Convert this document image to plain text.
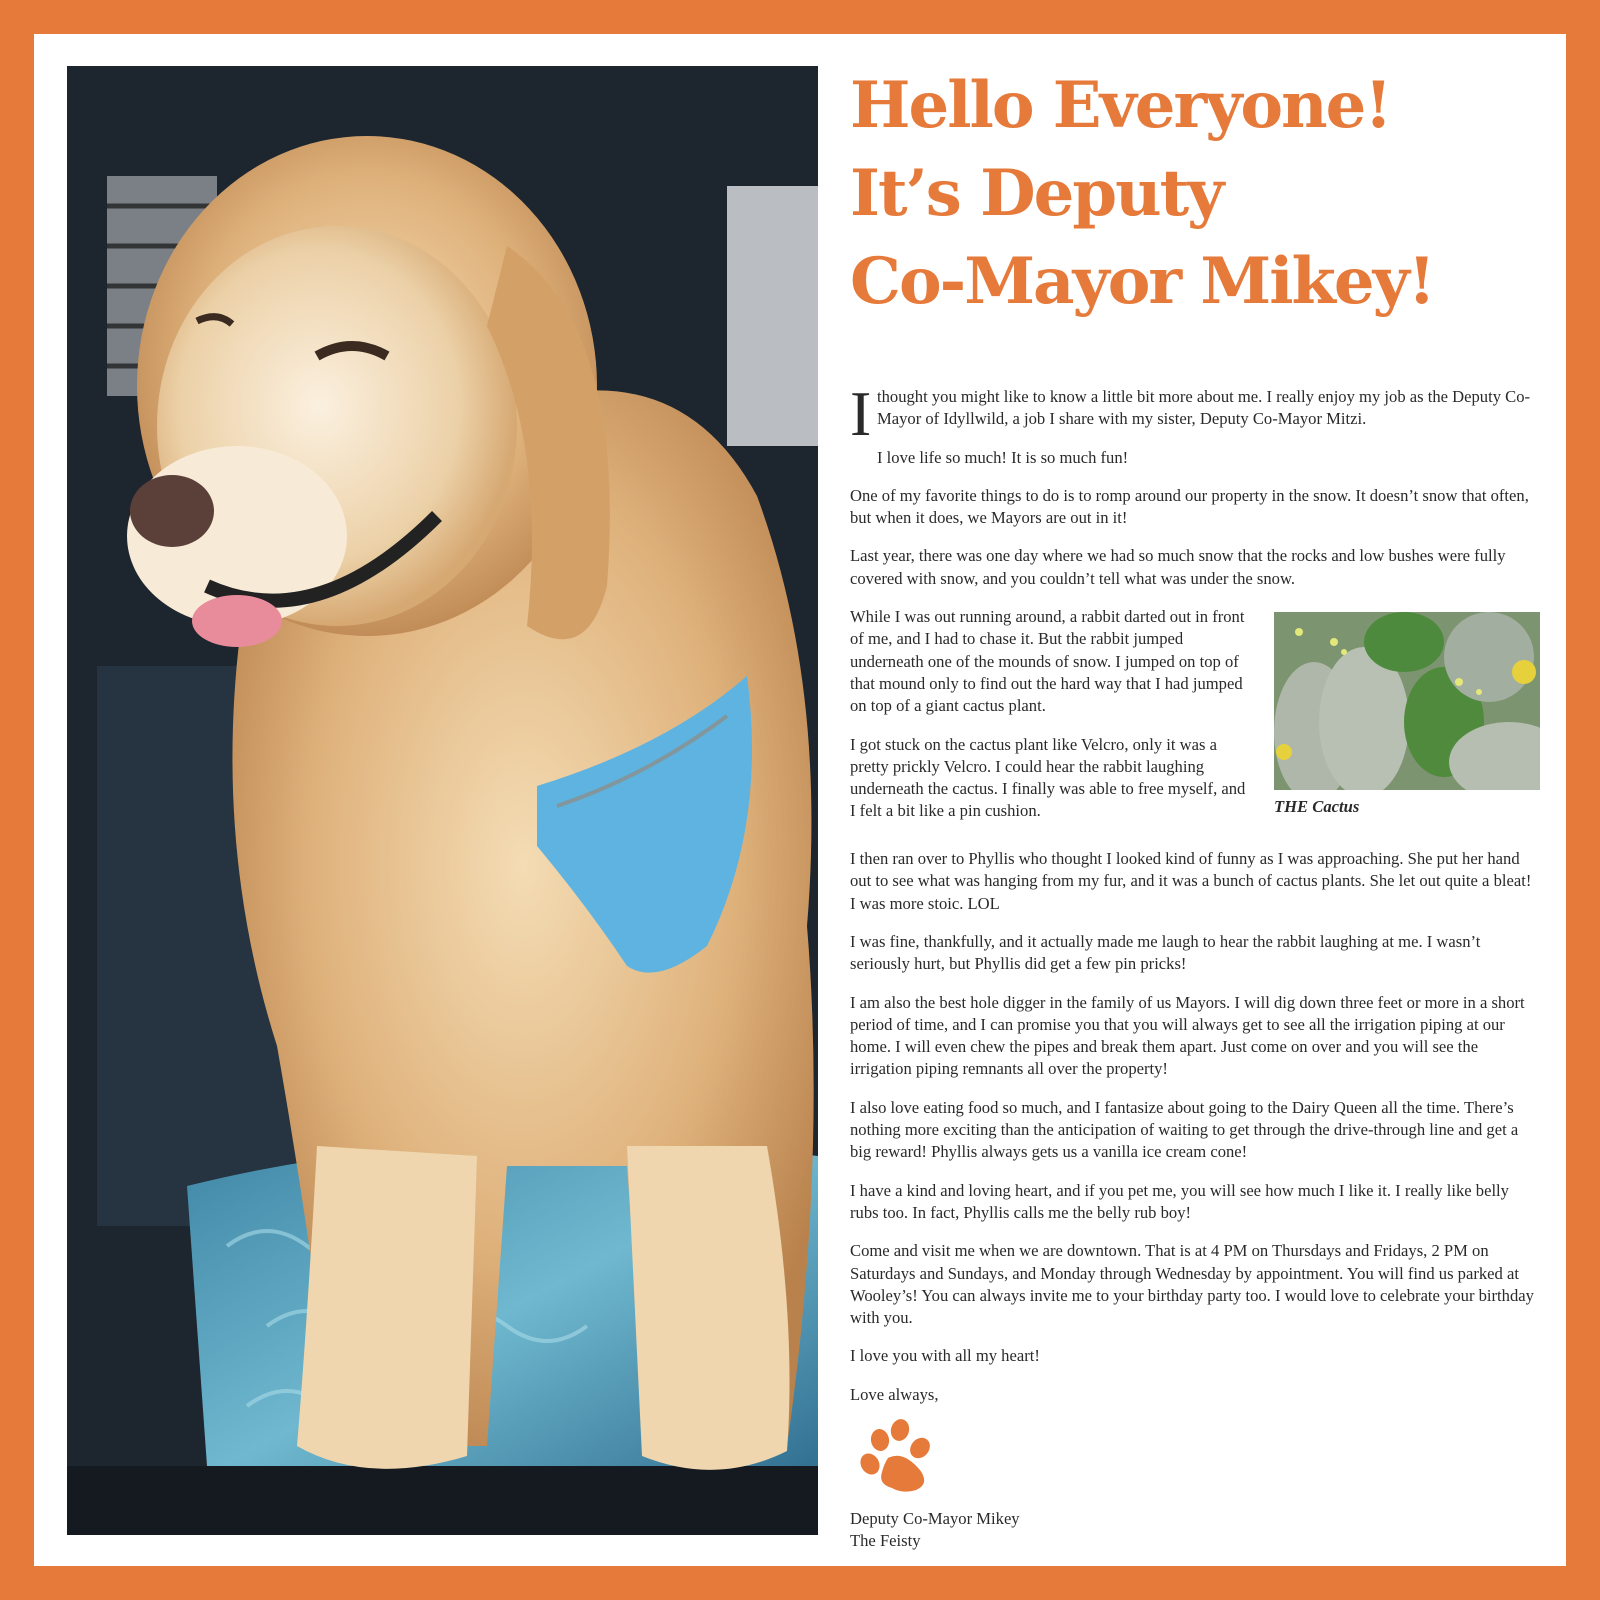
Hello Everyone!
It’s Deputy
Co-Mayor Mikey!
I thought you might like to know a little bit more about me. I really enjoy my job as the Deputy Co-Mayor of Idyllwild, a job I share with my sister, Deputy Co-Mayor Mitzi.

I love life so much! It is so much fun!

One of my favorite things to do is to romp around our property in the snow. It doesn’t snow that often, but when it does, we Mayors are out in it!

Last year, there was one day where we had so much snow that the rocks and low bushes were fully covered with snow, and you couldn’t tell what was under the snow.

While I was out running around, a rabbit darted out in front of me, and I had to chase it. But the rabbit jumped underneath one of the mounds of snow. I jumped on top of that mound only to find out the hard way that I had jumped on top of a giant cactus plant.

I got stuck on the cactus plant like Velcro, only it was a pretty prickly Velcro. I could hear the rabbit laughing underneath the cactus. I finally was able to free myself, and I felt a bit like a pin cushion.	THE Cactus

I then ran over to Phyllis who thought I looked kind of funny as I was approaching. She put her hand out to see what was hanging from my fur, and it was a bunch of cactus plants. She let out quite a bleat! I was more stoic. LOL

I was fine, thankfully, and it actually made me laugh to hear the rabbit laughing at me. I wasn’t seriously hurt, but Phyllis did get a few pin pricks!

I am also the best hole digger in the family of us Mayors. I will dig down three feet or more in a short period of time, and I can promise you that you will always get to see all the irrigation piping at our home. I will even chew the pipes and break them apart. Just come on over and you will see the irrigation piping remnants all over the property!

I also love eating food so much, and I fantasize about going to the Dairy Queen all the time. There’s nothing more exciting than the anticipation of waiting to get through the drive-through line and get a big reward! Phyllis always gets us a vanilla ice cream cone!

I have a kind and loving heart, and if you pet me, you will see how much I like it. I really like belly rubs too. In fact, Phyllis calls me the belly rub boy!

Come and visit me when we are downtown. That is at 4 PM on Thursdays and Fridays, 2 PM on Saturdays and Sundays, and Monday through Wednesday by appointment. You will find us parked at Wooley’s! You can always invite me to your birthday party too. I would love to celebrate your birthday with you.

I love you with all my heart!

Love always,

Deputy Co-Mayor Mikey
The Feisty
